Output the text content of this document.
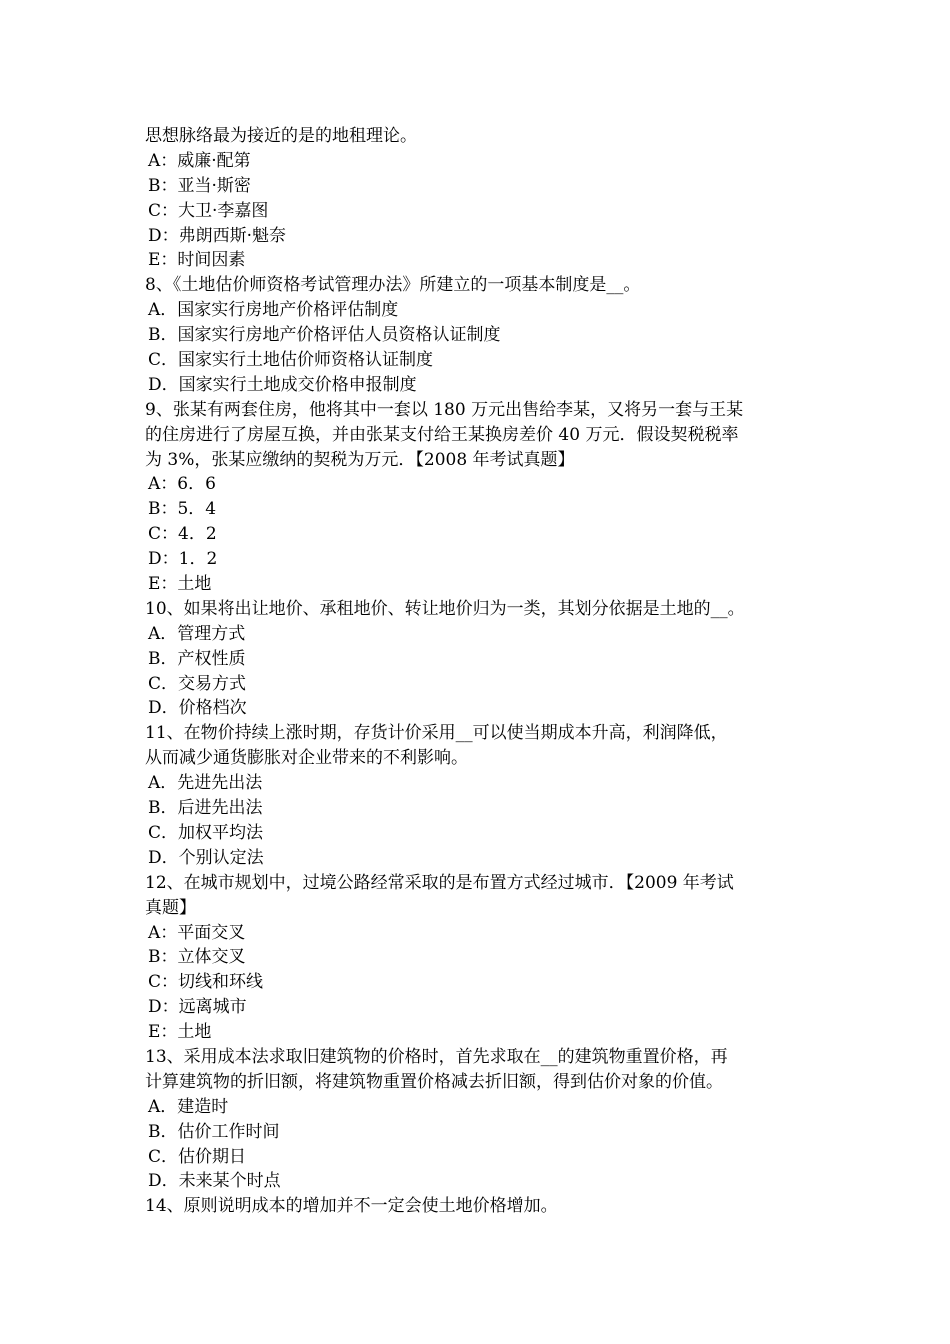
思想脉络最为接近的是的地租理论。
A：威廉·配第
B：亚当·斯密
C：大卫·李嘉图
D：弗朗西斯·魁奈
E：时间因素
8、《土地估价师资格考试管理办法》所建立的一项基本制度是__。
A．国家实行房地产价格评估制度
B．国家实行房地产价格评估人员资格认证制度
C．国家实行土地估价师资格认证制度
D．国家实行土地成交价格申报制度
9、张某有两套住房，他将其中一套以 180 万元出售给李某，又将另一套与王某
的住房进行了房屋互换，并由张某支付给王某换房差价 40 万元．假设契税税率
为 3%，张某应缴纳的契税为万元．【2008 年考试真题】
A：6．6
B：5．4
C：4．2
D：1．2
E：土地
10、如果将出让地价、承租地价、转让地价归为一类，其划分依据是土地的__。
A．管理方式
B．产权性质
C．交易方式
D．价格档次
11、在物价持续上涨时期，存货计价采用__可以使当期成本升高，利润降低，
从而减少通货膨胀对企业带来的不利影响。
A．先进先出法
B．后进先出法
C．加权平均法
D．个别认定法
12、在城市规划中，过境公路经常采取的是布置方式经过城市．【2009 年考试
真题】
A：平面交叉
B：立体交叉
C：切线和环线
D：远离城市
E：土地
13、采用成本法求取旧建筑物的价格时，首先求取在__的建筑物重置价格，再
计算建筑物的折旧额，将建筑物重置价格减去折旧额，得到估价对象的价值。
A．建造时
B．估价工作时间
C．估价期日
D．未来某个时点
14、原则说明成本的增加并不一定会使土地价格增加。
